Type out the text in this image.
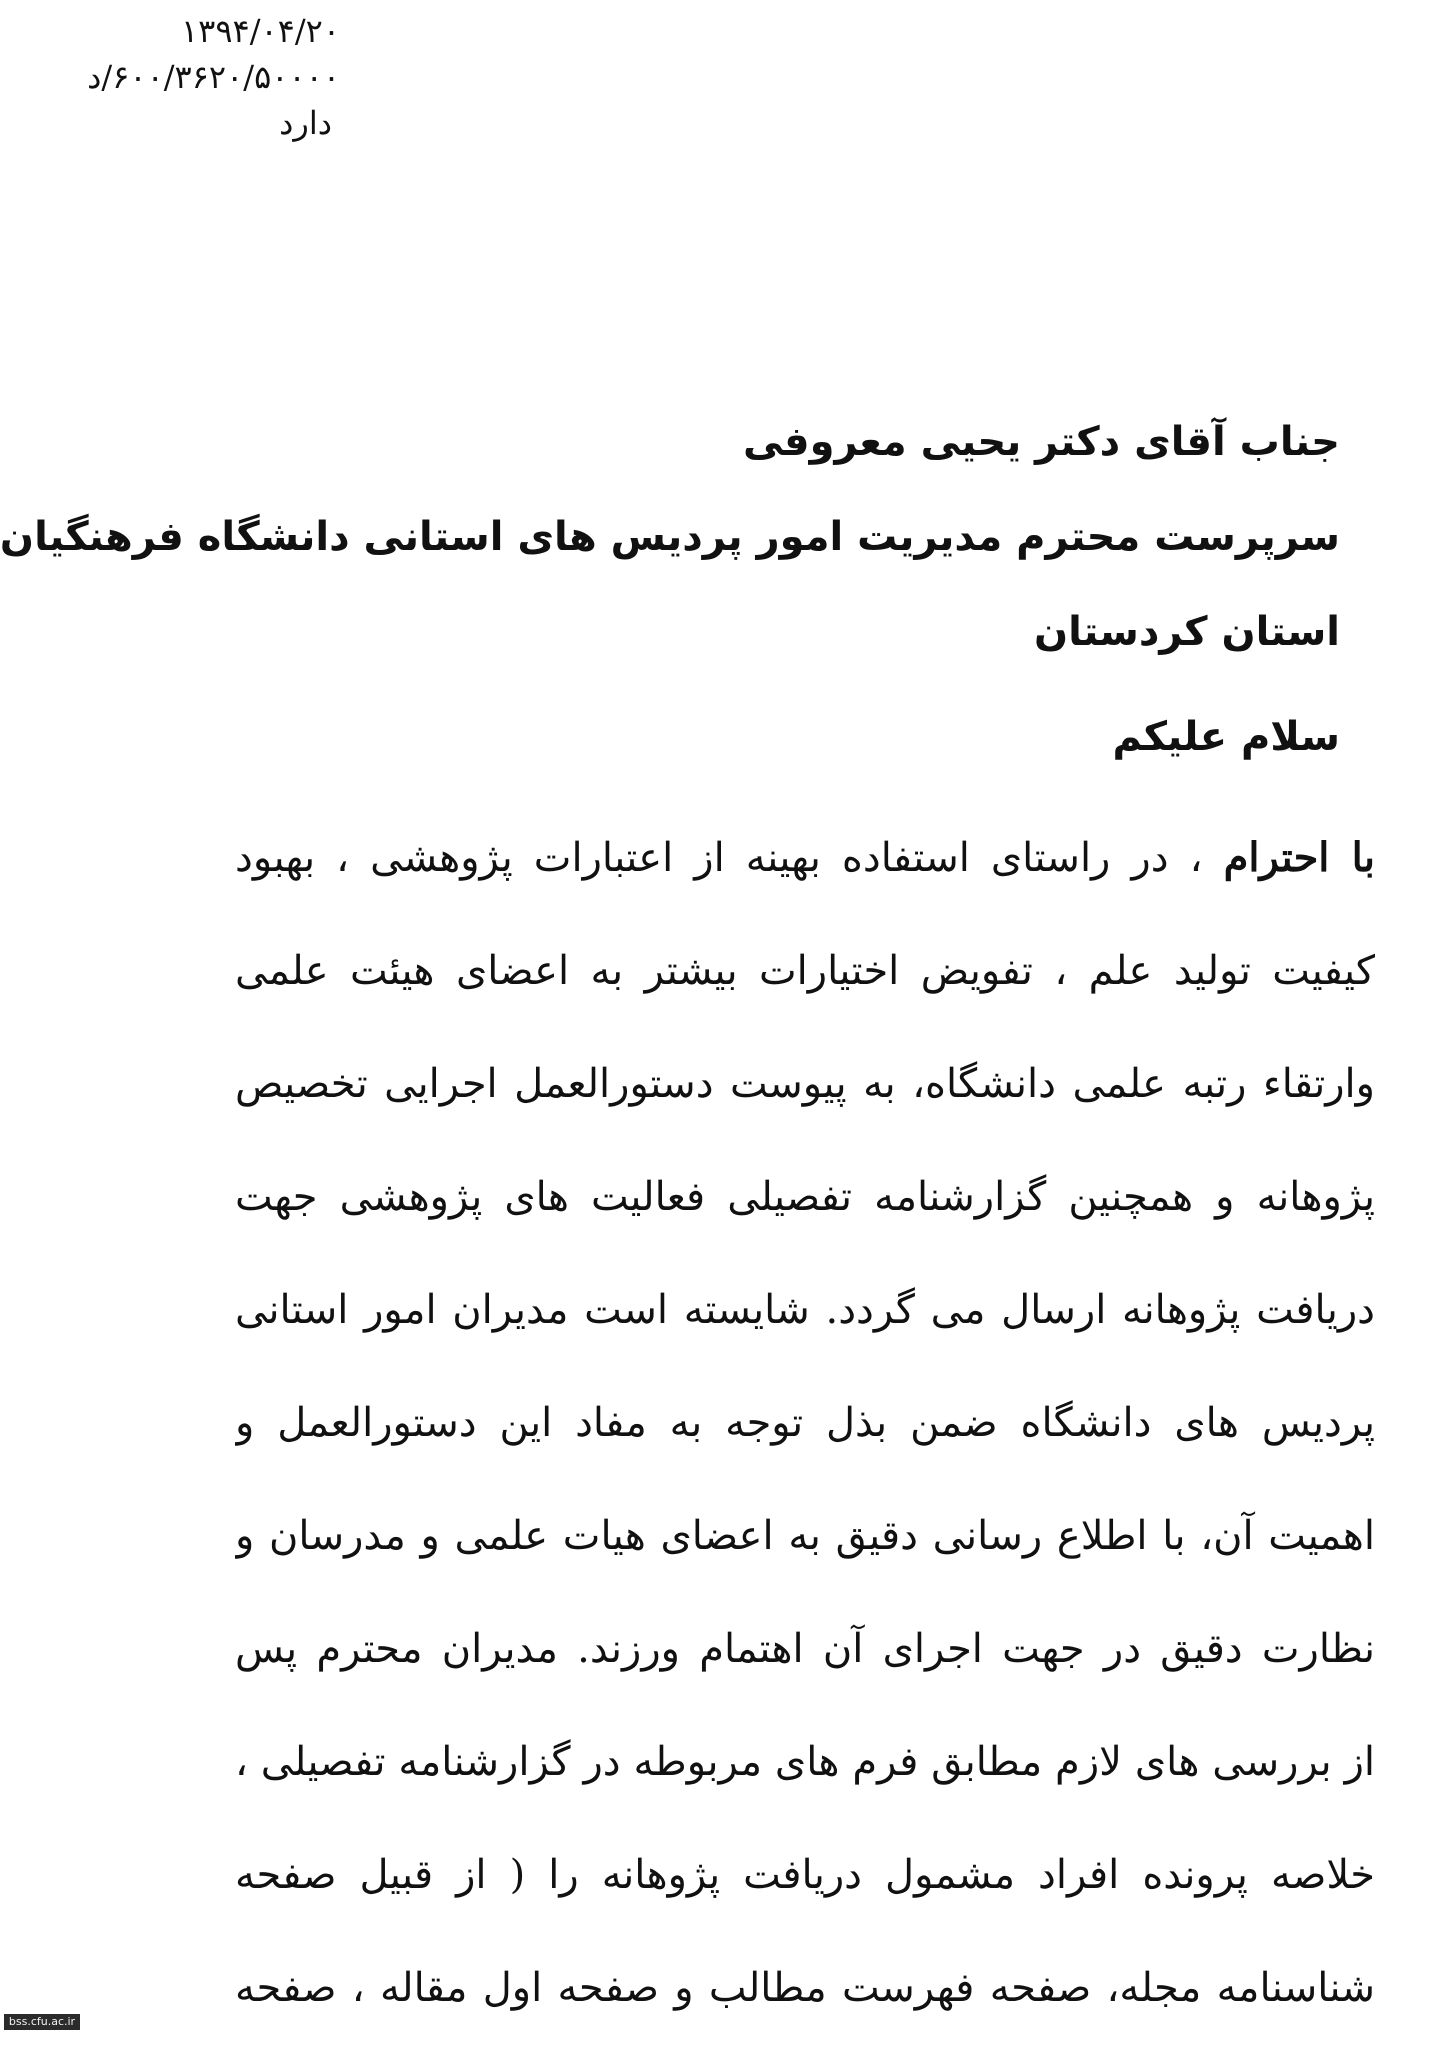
۱۳۹۴/۰۴/۲۰
۶۰۰/۳۶۲۰/۵۰۰۰۰/د
دارد
جناب آقای دکتر یحیی معروفی
سرپرست محترم مدیریت امور پردیس های استانی دانشگاه فرهنگیان
استان کردستان
سلام علیکم
با احترام ، در راستای استفاده بهینه از اعتبارات پژوهشی ، بهبود
کیفیت تولید علم ، تفویض اختیارات بیشتر به اعضای هیئت علمی
وارتقاء رتبه علمی دانشگاه، به پیوست دستورالعمل اجرایی تخصیص
پژوهانه و همچنین گزارشنامه تفصیلی فعالیت های پژوهشی جهت
دریافت پژوهانه ارسال می گردد. شایسته است مدیران امور استانی
پردیس های دانشگاه ضمن بذل توجه به مفاد این دستورالعمل و
اهمیت آن، با اطلاع رسانی دقیق به اعضای هیات علمی و مدرسان و
نظارت دقیق در جهت اجرای آن اهتمام ورزند. مدیران محترم پس
از بررسی های لازم مطابق فرم های مربوطه در گزارشنامه تفصیلی ،
خلاصه پرونده افراد مشمول دریافت پژوهانه را ( از قبیل صفحه
شناسنامه مجله، صفحه فهرست مطالب و صفحه اول مقاله ، صفحه
bss.cfu.ac.ir
